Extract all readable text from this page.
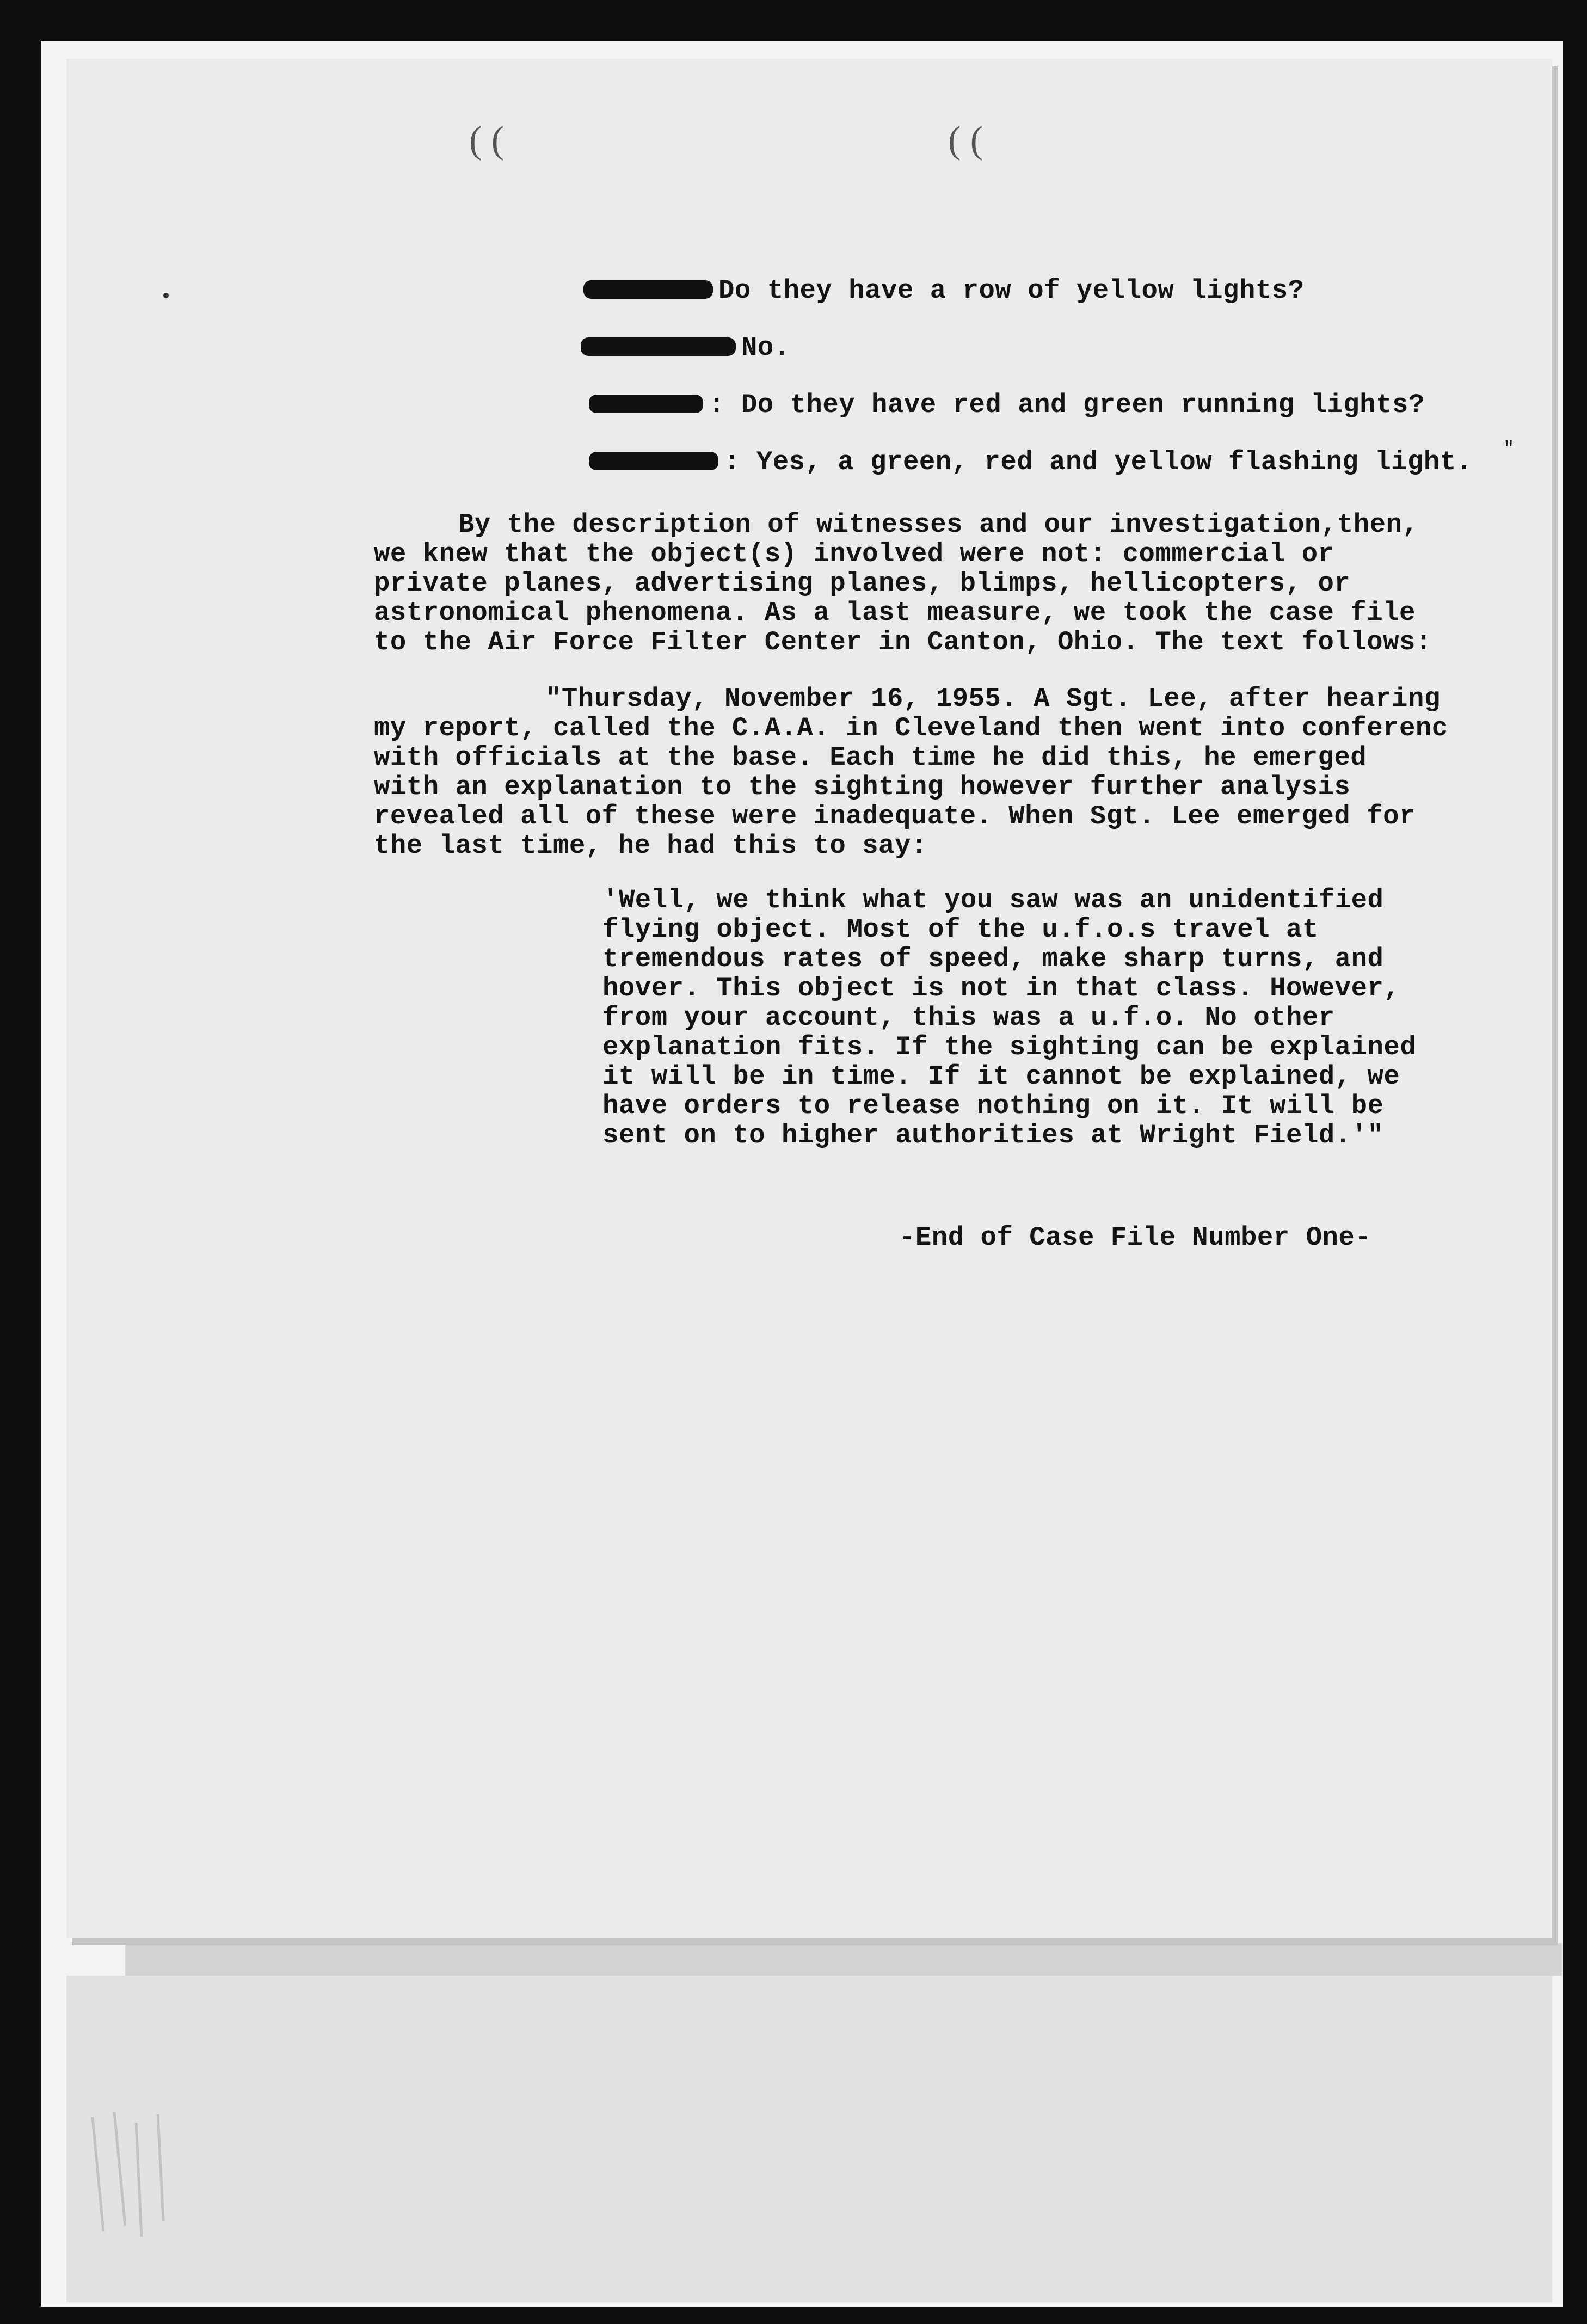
( (	( (
Do they have a row of yellow lights?
No.
: Do they have red and green running lights?
: Yes, a green, red and yellow flashing light. "
By the description of witnesses and our investigation,then,
we knew that the object(s) involved were not: commercial or
private planes, advertising planes, blimps, hellicopters, or
astronomical phenomena. As a last measure, we took the case file
to the Air Force Filter Center in Canton, Ohio. The text follows:
"Thursday, November 16, 1955. A Sgt. Lee, after hearing
my report, called the C.A.A. in Cleveland then went into conferenc
with officials at the base. Each time he did this, he emerged
with an explanation to the sighting however further analysis
revealed all of these were inadequate. When Sgt. Lee emerged for
the last time, he had this to say:
'Well, we think what you saw was an unidentified
flying object. Most of the u.f.o.s travel at
tremendous rates of speed, make sharp turns, and
hover. This object is not in that class. However,
from your account, this was a u.f.o. No other
explanation fits. If the sighting can be explained
it will be in time. If it cannot be explained, we
have orders to release nothing on it. It will be
sent on to higher authorities at Wright Field.'"
-End of Case File Number One-
